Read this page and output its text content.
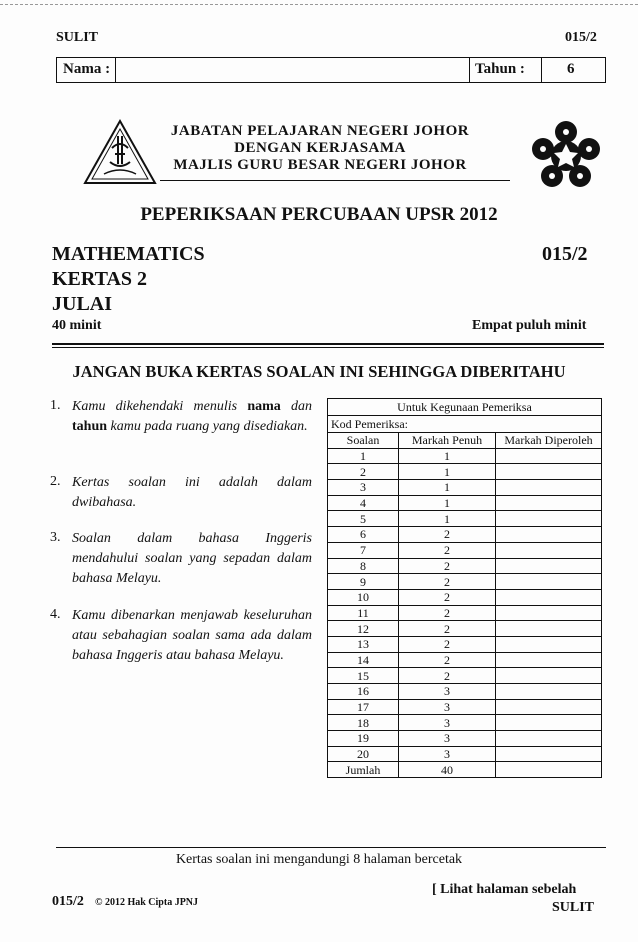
SULIT	015/2
Nama :	Tahun :	6
JABATAN PELAJARAN NEGERI JOHOR
DENGAN KERJASAMA
MAJLIS GURU BESAR NEGERI JOHOR
PEPERIKSAAN PERCUBAAN UPSR 2012
MATHEMATICS
KERTAS 2
JULAI
015/2
40 minit	Empat puluh minit
JANGAN BUKA KERTAS SOALAN INI SEHINGGA DIBERITAHU
1. Kamu dikehendaki menulis nama dan tahun kamu pada ruang yang disediakan.
2. Kertas soalan ini adalah dalam dwibahasa.
3. Soalan dalam bahasa Inggeris mendahului soalan yang sepadan dalam bahasa Melayu.
4. Kamu dibenarkan menjawab keseluruhan atau sebahagian soalan sama ada dalam bahasa Inggeris atau bahasa Melayu.
Untuk Kegunaan Pemeriksa		
Kod Pemeriksa:		
Soalan	Markah Penuh	Markah Diperoleh
1	1	
2	1	
3	1	
4	1	
5	1	
6	2	
7	2	
8	2	
9	2	
10	2	
11	2	
12	2	
13	2	
14	2	
15	2	
16	3	
17	3	
18	3	
19	3	
20	3	
Jumlah	40	
Kertas soalan ini mengandungi 8 halaman bercetak
015/2 © 2012 Hak Cipta JPNJ
[ Lihat halaman sebelah
SULIT
